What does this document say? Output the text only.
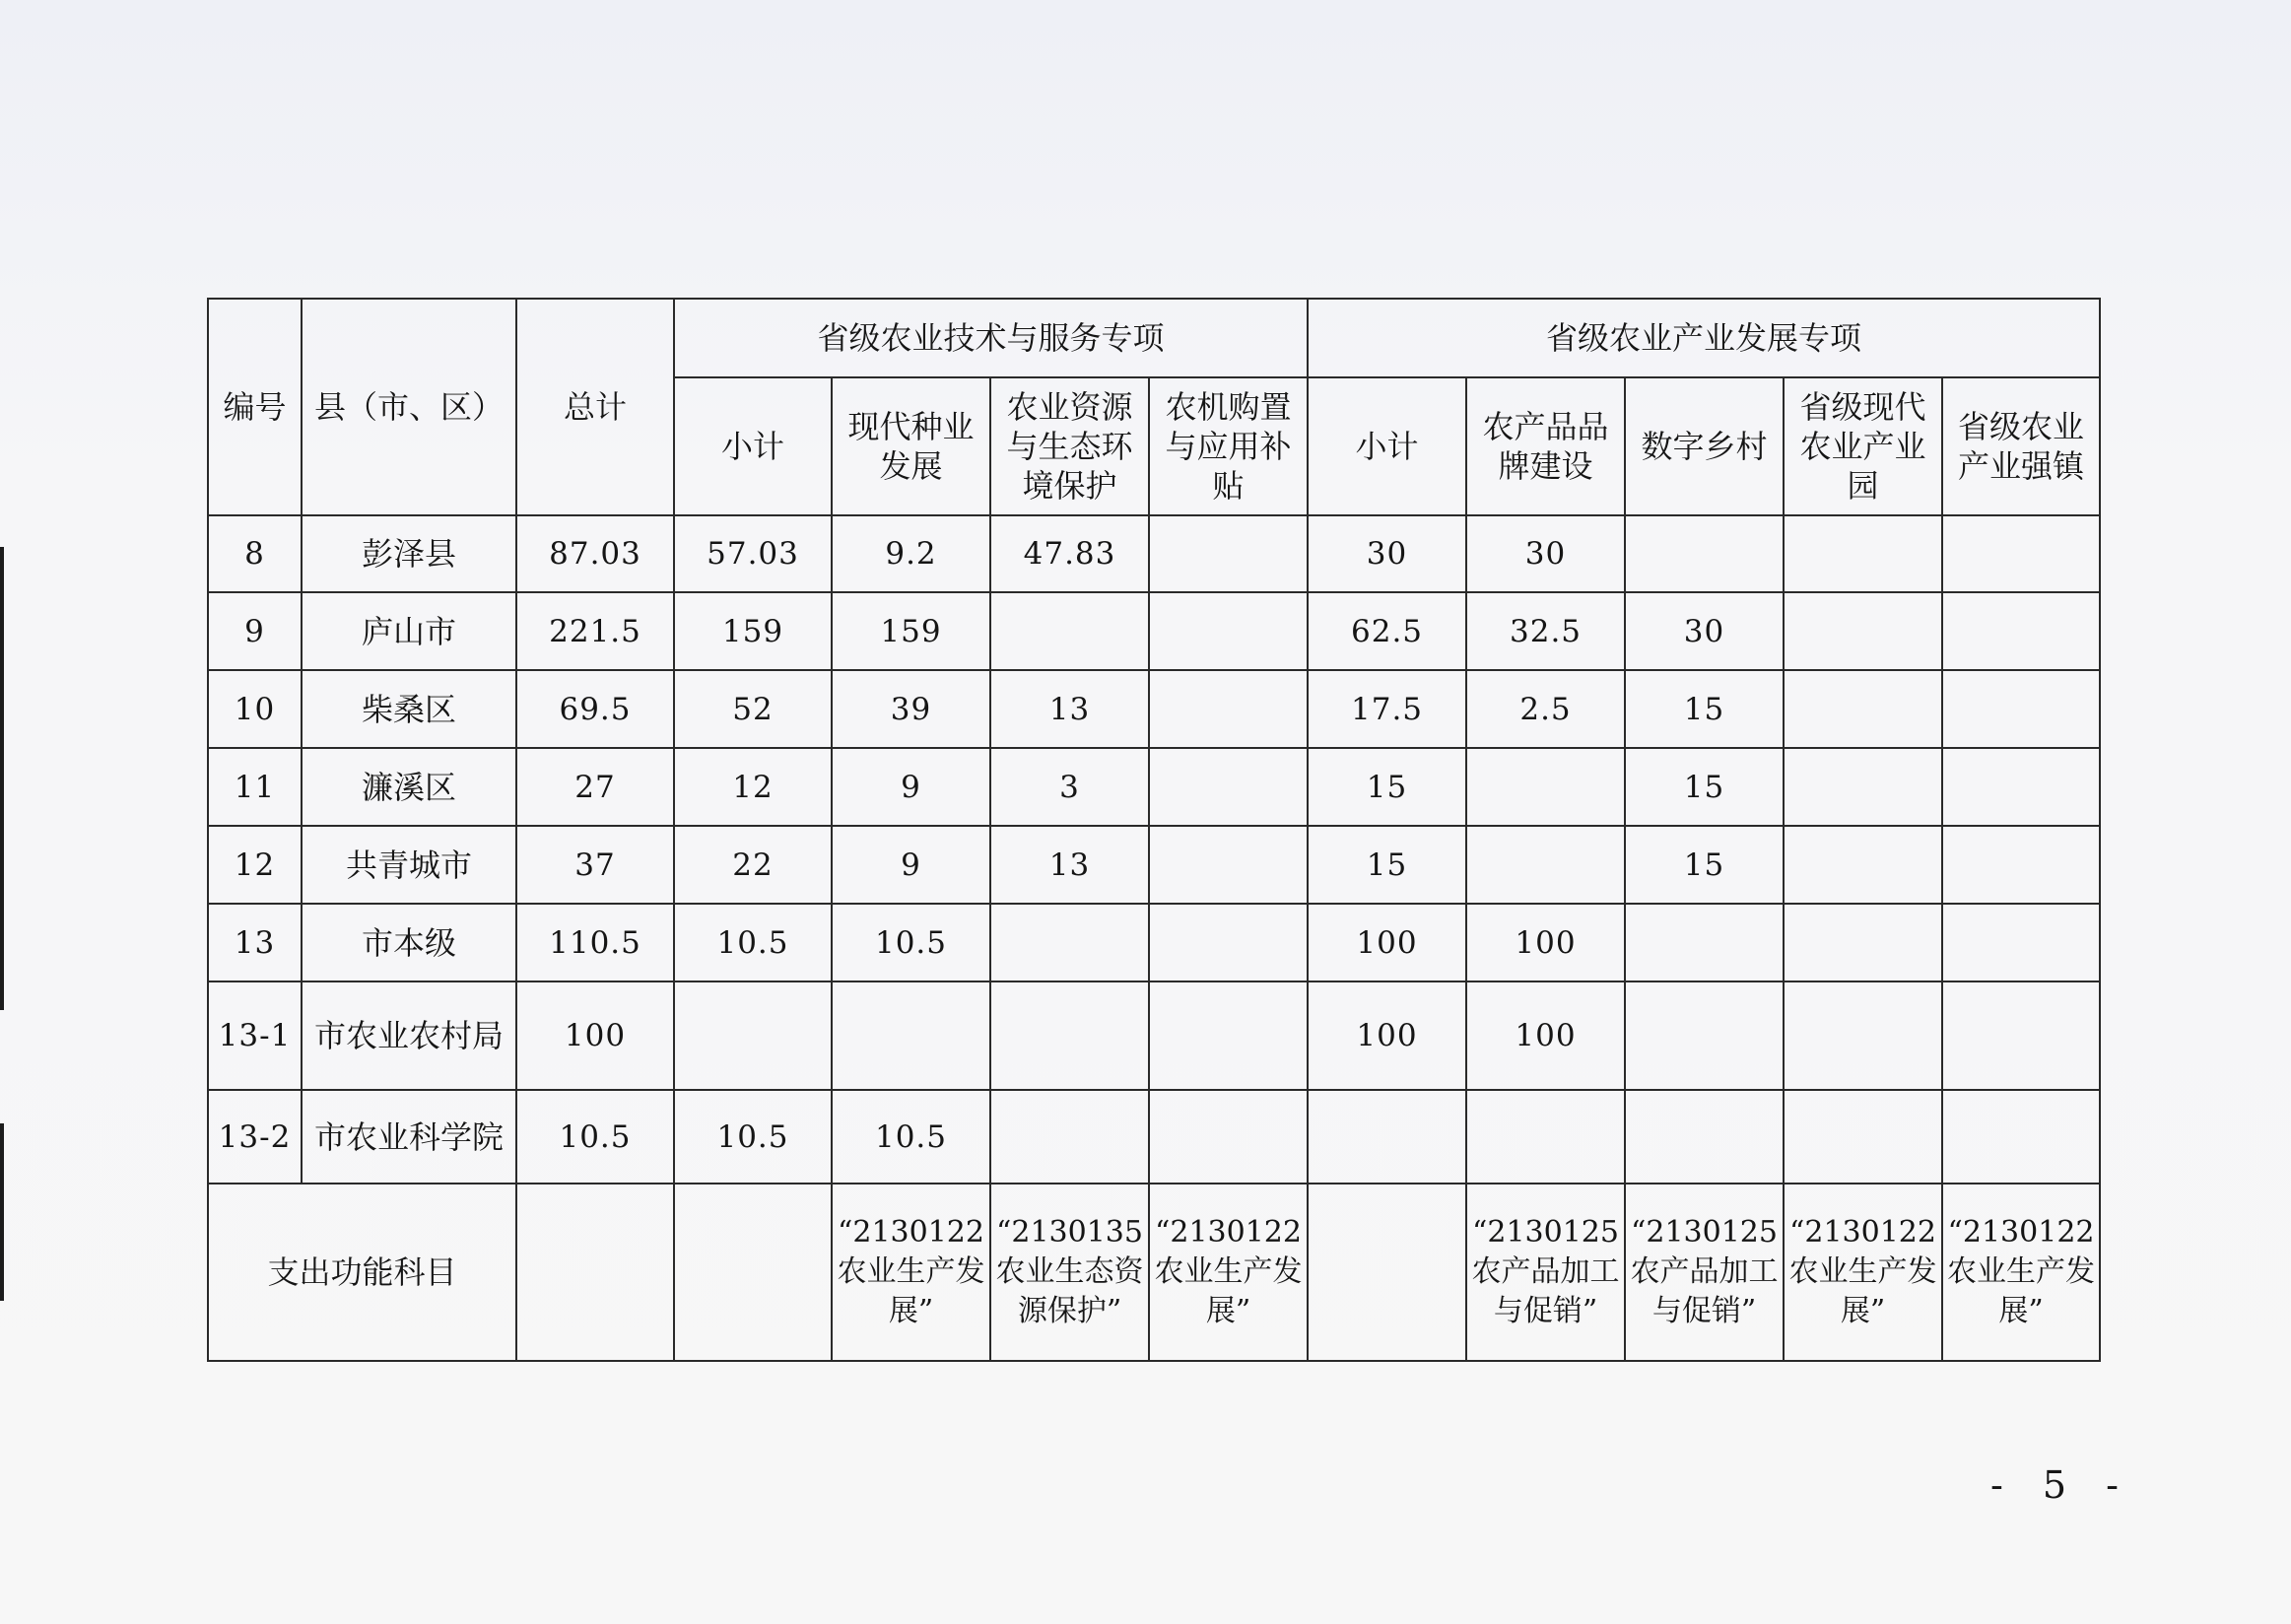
编号	县（市、区）	总计	省级农业技术与服务专项				省级农业产业发展专项				
			小计	现代种业发展	农业资源与生态环境保护	农机购置与应用补贴	小计	农产品品牌建设	数字乡村	省级现代农业产业园	省级农业产业强镇
8	彭泽县	87.03	57.03	9.2	47.83		30	30			
9	庐山市	221.5	159	159			62.5	32.5	30		
10	柴桑区	69.5	52	39	13		17.5	2.5	15		
11	濂溪区	27	12	9	3		15		15		
12	共青城市	37	22	9	13		15		15		
13	市本级	110.5	10.5	10.5			100	100			
13-1	市农业农村局	100					100	100			
13-2	市农业科学院	10.5	10.5	10.5							
支出功能科目				“2130122农业生产发展”	“2130135农业生态资源保护”	“2130122农业生产发展”		“2130125农产品加工与促销”	“2130125农产品加工与促销”	“2130122农业生产发展”	“2130122农业生产发展”
- 5 -
